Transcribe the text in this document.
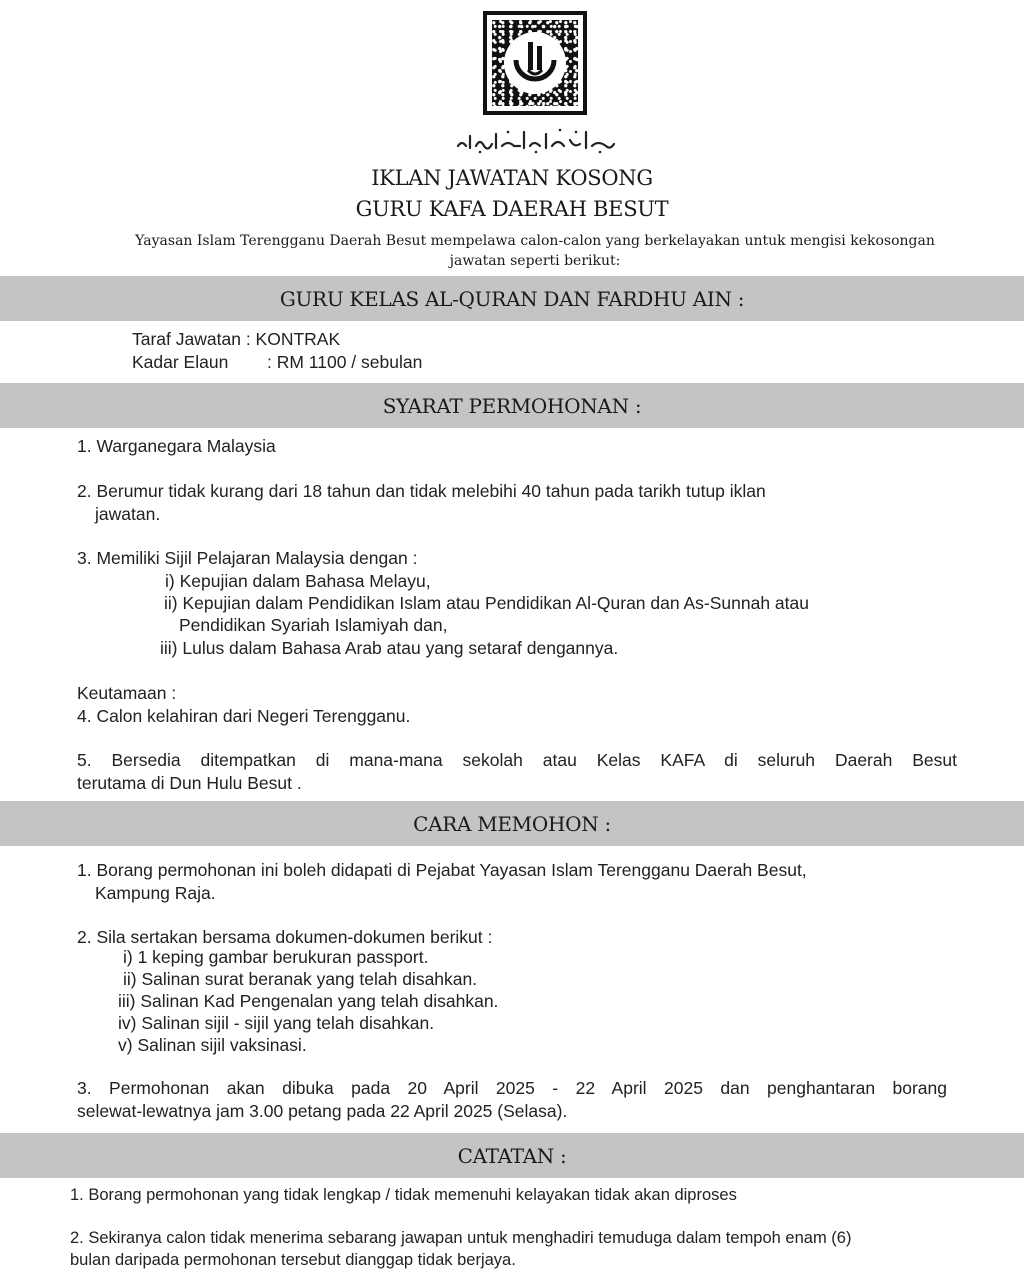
IKLAN JAWATAN KOSONG
GURU KAFA DAERAH BESUT
Yayasan Islam Terengganu Daerah Besut mempelawa calon-calon yang berkelayakan untuk mengisi kekosongan jawatan seperti berikut:
GURU KELAS AL-QURAN DAN FARDHU AIN :
Taraf Jawatan
: KONTRAK
Kadar Elaun	: RM 1100 / sebulan
SYARAT PERMOHONAN :
1. Warganegara Malaysia
2. Berumur tidak kurang dari 18 tahun dan tidak melebihi 40 tahun pada tarikh tutup iklan
jawatan.
3. Memiliki Sijil Pelajaran Malaysia dengan :
i) Kepujian dalam Bahasa Melayu,
ii) Kepujian dalam Pendidikan Islam atau Pendidikan Al-Quran dan As-Sunnah atau
Pendidikan Syariah Islamiyah dan,
iii) Lulus dalam Bahasa Arab atau yang setaraf dengannya.
Keutamaan :
4. Calon kelahiran dari Negeri Terengganu.
5. Bersedia ditempatkan di mana-mana sekolah atau Kelas KAFA di seluruh Daerah Besut
terutama di Dun Hulu Besut .
CARA MEMOHON :
1. Borang permohonan ini boleh didapati di Pejabat Yayasan Islam Terengganu Daerah Besut,
Kampung Raja.
2. Sila sertakan bersama dokumen-dokumen berikut :
i) 1 keping gambar berukuran passport.
ii) Salinan surat beranak yang telah disahkan.
iii) Salinan Kad Pengenalan yang telah disahkan.
iv) Salinan sijil - sijil yang telah disahkan.
v) Salinan sijil vaksinasi.
3. Permohonan akan dibuka pada 20 April 2025 - 22 April 2025 dan penghantaran borang
selewat-lewatnya jam 3.00 petang pada 22 April 2025 (Selasa).
CATATAN :
1. Borang permohonan yang tidak lengkap / tidak memenuhi kelayakan tidak akan diproses
2. Sekiranya calon tidak menerima sebarang jawapan untuk menghadiri temuduga dalam tempoh enam (6)
bulan daripada permohonan tersebut dianggap tidak berjaya.
